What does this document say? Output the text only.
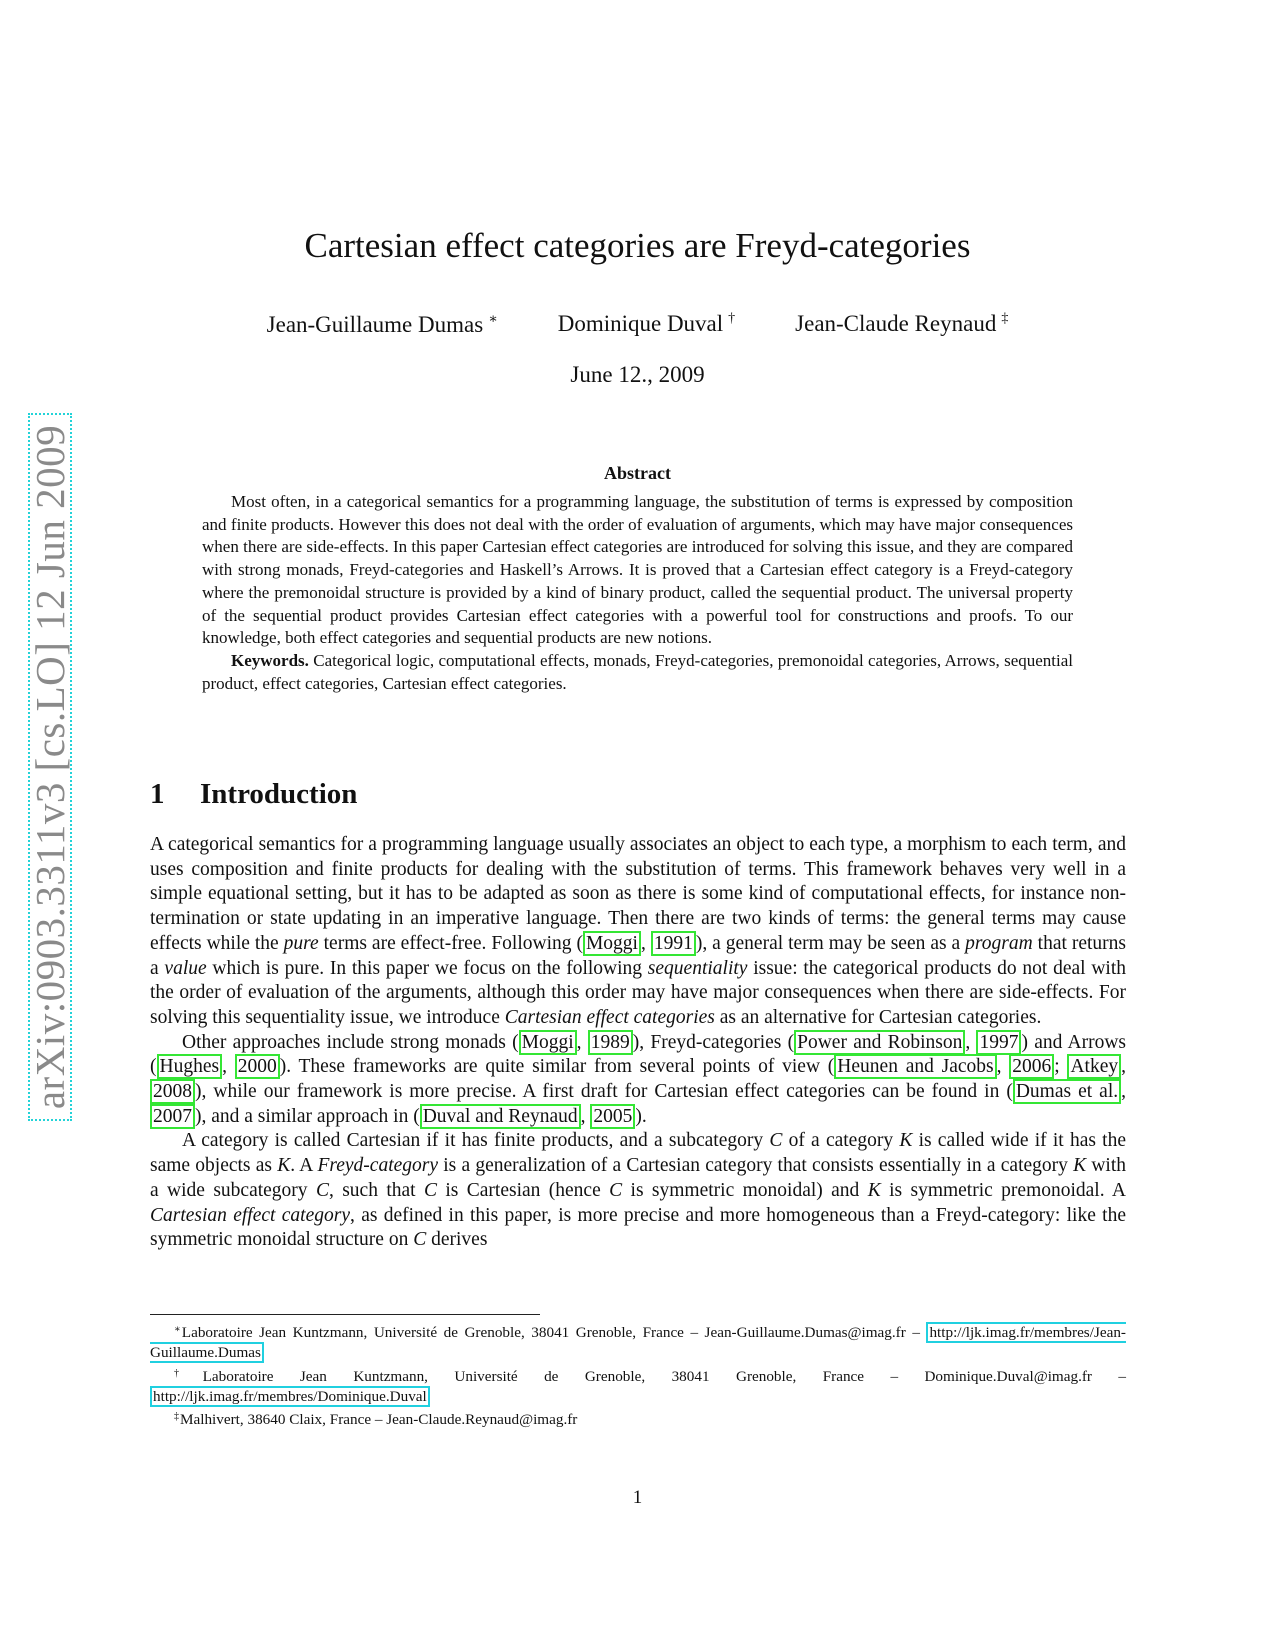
arXiv:0903.3311v3 [cs.LO] 12 Jun 2009
Cartesian effect categories are Freyd-categories
Jean-Guillaume Dumas ∗	Dominique Duval †	Jean-Claude Reynaud ‡
June 12., 2009
Abstract

Most often, in a categorical semantics for a programming language, the substitution of terms is expressed by composition and finite products. However this does not deal with the order of evaluation of arguments, which may have major consequences when there are side-effects. In this paper Cartesian effect categories are introduced for solving this issue, and they are compared with strong monads, Freyd-categories and Haskell’s Arrows. It is proved that a Cartesian effect category is a Freyd-category where the premonoidal structure is provided by a kind of binary product, called the sequential product. The universal property of the sequential product provides Cartesian effect categories with a powerful tool for constructions and proofs. To our knowledge, both effect categories and sequential products are new notions.

Keywords. Categorical logic, computational effects, monads, Freyd-categories, premonoidal categories, Arrows, sequential product, effect categories, Cartesian effect categories.

1 Introduction

A categorical semantics for a programming language usually associates an object to each type, a morphism to each term, and uses composition and finite products for dealing with the substitution of terms. This framework behaves very well in a simple equational setting, but it has to be adapted as soon as there is some kind of computational effects, for instance non-termination or state updating in an imperative language. Then there are two kinds of terms: the general terms may cause effects while the pure terms are effect-free. Following ( Moggi , 1991 ), a general term may be seen as a program that returns a value which is pure. In this paper we focus on the following sequentiality issue: the categorical products do not deal with the order of evaluation of the arguments, although this order may have major consequences when there are side-effects. For solving this sequentiality issue, we introduce Cartesian effect categories as an alternative for Cartesian categories.

Other approaches include strong monads ( Moggi , 1989 ), Freyd-categories ( Power and Robinson , 1997 ) and Arrows ( Hughes , 2000 ). These frameworks are quite similar from several points of view ( Heunen and Jacobs , 2006 ; Atkey , 2008 ), while our framework is more precise. A first draft for Cartesian effect categories can be found in ( Dumas et al. , 2007 ), and a similar approach in ( Duval and Reynaud , 2005 ).

A category is called Cartesian if it has finite products, and a subcategory C of a category K is called wide if it has the same objects as K. A Freyd-category is a generalization of a Cartesian category that consists essentially in a category K with a wide subcategory C, such that C is Cartesian (hence C is symmetric monoidal) and K is symmetric premonoidal. A Cartesian effect category, as defined in this paper, is more precise and more homogeneous than a Freyd-category: like the symmetric monoidal structure on C derives

∗Laboratoire Jean Kuntzmann, Université de Grenoble, 38041 Grenoble, France – Jean-Guillaume.Dumas@imag.fr – http://ljk.imag.fr/membres/Jean-Guillaume.Dumas

†Laboratoire Jean Kuntzmann, Université de Grenoble, 38041 Grenoble, France – Dominique.Duval@imag.fr – http://ljk.imag.fr/membres/Dominique.Duval

‡Malhivert, 38640 Claix, France – Jean-Claude.Reynaud@imag.fr

1
